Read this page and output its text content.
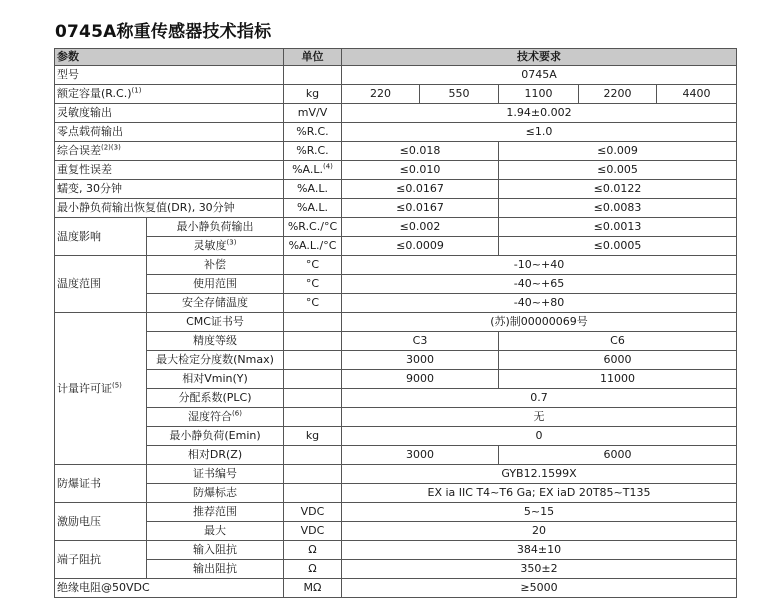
0745A称重传感器技术指标
参数		单位	技术要求				
型号			0745A				
额定容量$(R.C.)^{(1)}$		kg	220	550	1100	2200	4400
灵敏度输出		mV/V	1.94±0.002				
零点载荷输出		%R.C.	≤1.0				
综合误差$^{(2)(3)}$		%R.C.	≤0.018		≤0.009		
重复性误差		%A.L.$^{(4)}$	≤0.010		≤0.005		
蠕变, 30分钟		%A.L.	≤0.0167		≤0.0122		
最小静负荷输出恢复值(DR), 30分钟		%A.L.	≤0.0167		≤0.0083		
温度影响	最小静负荷输出	%R.C./°C	≤0.002		≤0.0013		
	灵敏度$^{(3)}$	%A.L./°C	≤0.0009		≤0.0005		
温度范围	补偿	°C	-10~+40				
	使用范围	°C	-40~+65				
	安全存储温度	°C	-40~+80				
计量许可证$^{(5)}$	CMC证书号		(苏)制00000069号				
	精度等级		C3		C6		
	最大检定分度数(Nmax)		3000		6000		
	相对Vmin(Y)		9000		11000		
	分配系数(PLC)		0.7				
	湿度符合$^{(6)}$		无				
	最小静负荷(Emin)	kg	0				
	相对DR(Z)		3000		6000		
防爆证书	证书编号		GYB12.1599X				
	防爆标志		EX ia IIC T4~T6 Ga; EX iaD 20T85~T135				
激励电压	推荐范围	VDC	5~15				
	最大	VDC	20				
端子阻抗	输入阻抗	Ω	384±10				
	输出阻抗	Ω	350±2				
绝缘电阻@50VDC		MΩ	≥5000				
